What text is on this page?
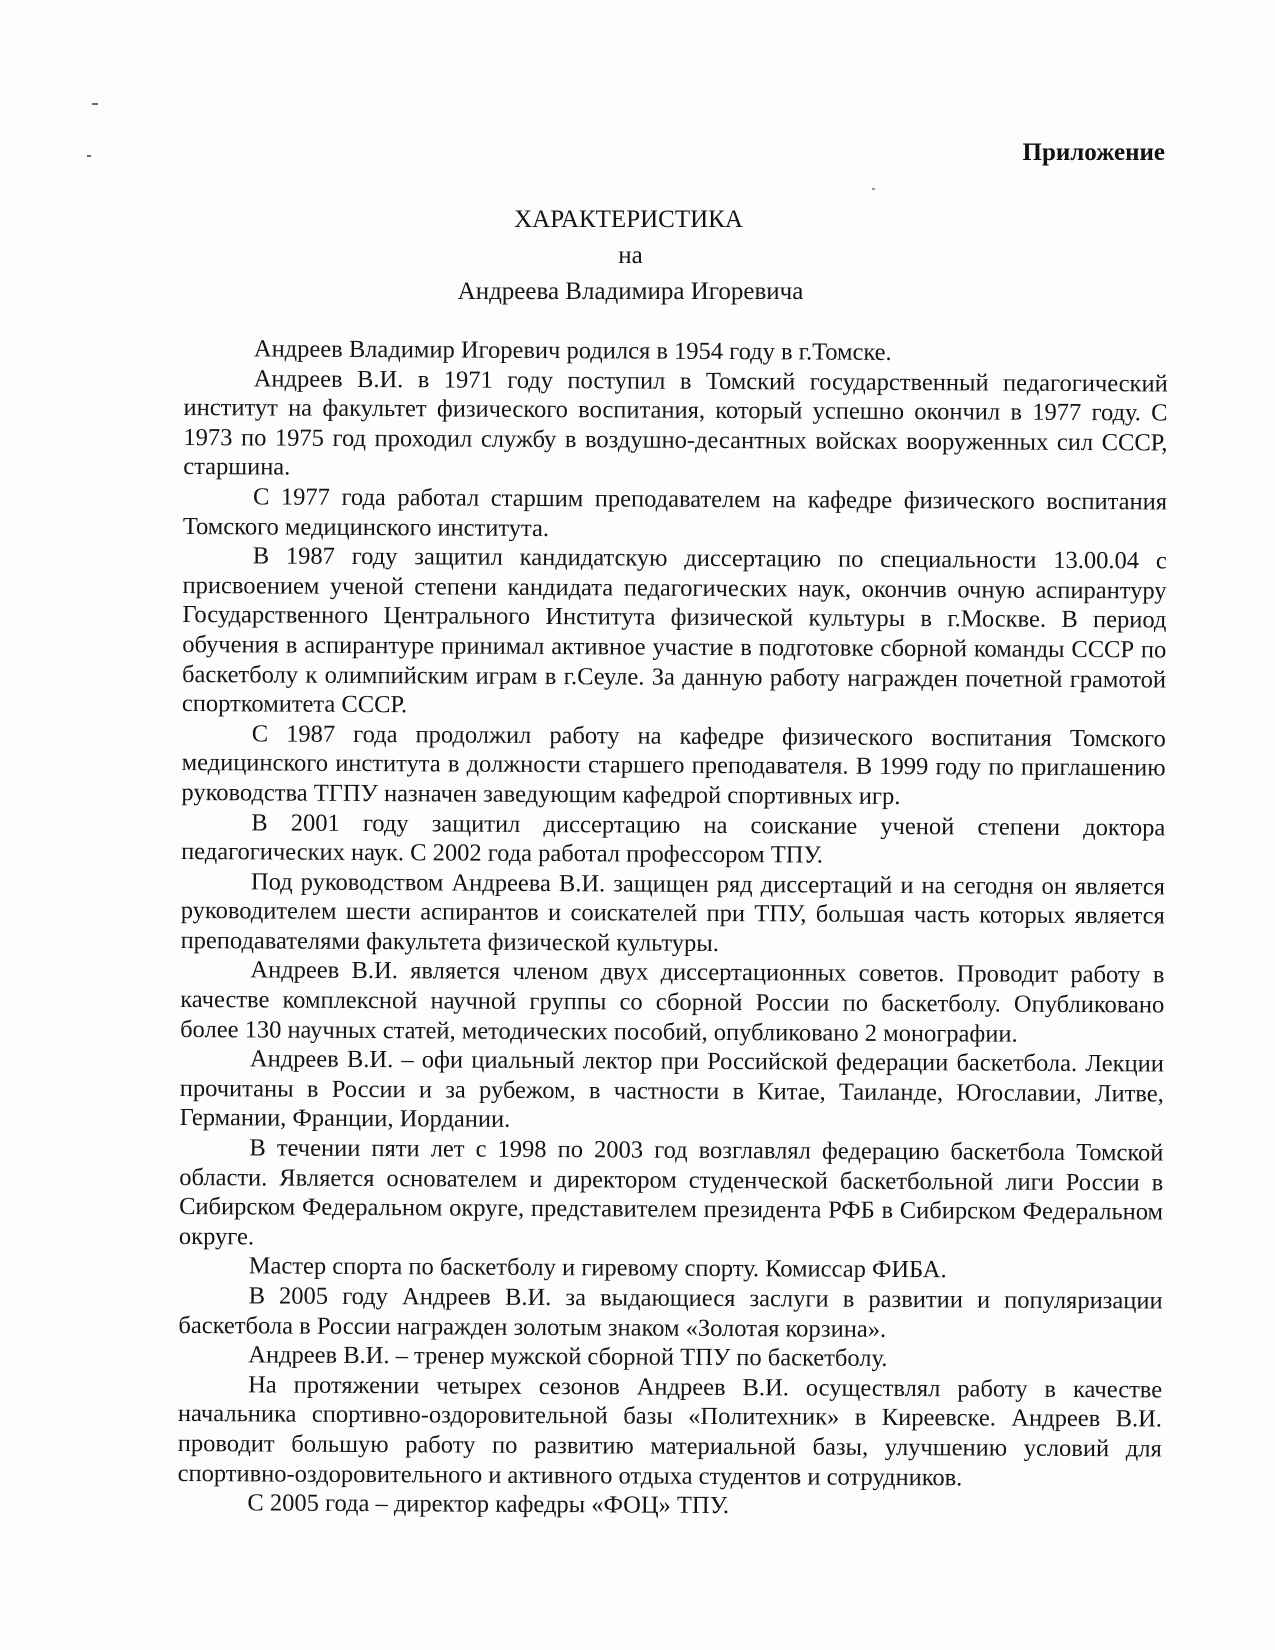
Приложение
ХАРАКТЕРИСТИКА
на
Андреева Владимира Игоревича

Андреев Владимир Игоревич родился в 1954 году в г.Томске.

Андреев В.И. в 1971 году поступил в Томский государственный педагогический институт на факультет физического воспитания, который успешно окончил в 1977 году. С 1973 по 1975 год проходил службу в воздушно-десантных войсках вооруженных сил СССР, старшина.

С 1977 года работал старшим преподавателем на кафедре физического воспитания Томского медицинского института.

В 1987 году защитил кандидатскую диссертацию по специальности 13.00.04 с присвоением ученой степени кандидата педагогических наук, окончив очную аспирантуру Государственного Центрального Института физической культуры в г.Москве. В период обучения в аспирантуре принимал активное участие в подготовке сборной команды СССР по баскетболу к олимпийским играм в г.Сеуле. За данную работу награжден почетной грамотой спорткомитета СССР.

С 1987 года продолжил работу на кафедре физического воспитания Томского медицинского института в должности старшего преподавателя. В 1999 году по приглашению руководства ТГПУ назначен заведующим кафедрой спортивных игр.

В 2001 году защитил диссертацию на соискание ученой степени доктора педагогических наук. С 2002 года работал профессором ТПУ.

Под руководством Андреева В.И. защищен ряд диссертаций и на сегодня он является руководителем шести аспирантов и соискателей при ТПУ, большая часть которых является преподавателями факультета физической культуры.

Андреев В.И. является членом двух диссертационных советов. Проводит работу в качестве комплексной научной группы со сборной России по баскетболу. Опубликовано более 130 научных статей, методических пособий, опубликовано 2 монографии.

Андреев В.И. – офи циальный лектор при Российской федерации баскетбола. Лекции прочитаны в России и за рубежом, в частности в Китае, Таиланде, Югославии, Литве, Германии, Франции, Иордании.

В течении пяти лет с 1998 по 2003 год возглавлял федерацию баскетбола Томской области. Является основателем и директором студенческой баскетбольной лиги России в Сибирском Федеральном округе, представителем президента РФБ в Сибирском Федеральном округе.

Мастер спорта по баскетболу и гиревому спорту. Комиссар ФИБА.

В 2005 году Андреев В.И. за выдающиеся заслуги в развитии и популяризации баскетбола в России награжден золотым знаком «Золотая корзина».

Андреев В.И. – тренер мужской сборной ТПУ по баскетболу.

На протяжении четырех сезонов Андреев В.И. осуществлял работу в качестве начальника спортивно-оздоровительной базы «Политехник» в Киреевске. Андреев В.И. проводит большую работу по развитию материальной базы, улучшению условий для спортивно-оздоровительного и активного отдыха студентов и сотрудников.

С 2005 года – директор кафедры «ФОЦ» ТПУ.
